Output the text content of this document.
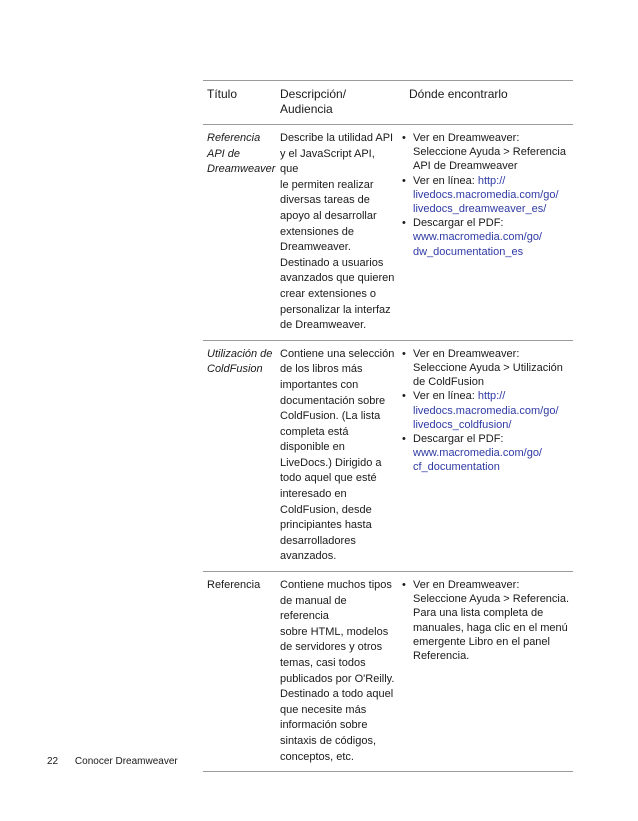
Título	Descripción/
Audiencia
Dónde encontrarlo
Referencia
API de
Dreamweaver
Describe la utilidad API
y el JavaScript API, que
le permiten realizar
diversas tareas de
apoyo al desarrollar
extensiones de
Dreamweaver.
Destinado a usuarios
avanzados que quieren
crear extensiones o
personalizar la interfaz
de Dreamweaver.
• Ver en Dreamweaver:
Seleccione Ayuda > Referencia
API de Dreamweaver
• Ver en línea: http://
livedocs.macromedia.com/go/
livedocs_dreamweaver_es/
• Descargar el PDF:
www.macromedia.com/go/
dw_documentation_es
Utilización de
ColdFusion
Contiene una selección
de los libros más
importantes con
documentación sobre
ColdFusion. (La lista
completa está
disponible en
LiveDocs.) Dirigido a
todo aquel que esté
interesado en
ColdFusion, desde
principiantes hasta
desarrolladores
avanzados.
• Ver en Dreamweaver:
Seleccione Ayuda > Utilización
de ColdFusion
• Ver en línea: http://
livedocs.macromedia.com/go/
livedocs_coldfusion/
• Descargar el PDF:
www.macromedia.com/go/
cf_documentation
Referencia	Contiene muchos tipos
de manual de referencia
sobre HTML, modelos
de servidores y otros
temas, casi todos
publicados por O'Reilly.
Destinado a todo aquel
que necesite más
información sobre
sintaxis de códigos,
conceptos, etc.
• Ver en Dreamweaver:
Seleccione Ayuda > Referencia.
Para una lista completa de
manuales, haga clic en el menú
emergente Libro en el panel
Referencia.
22 Conocer Dreamweaver
